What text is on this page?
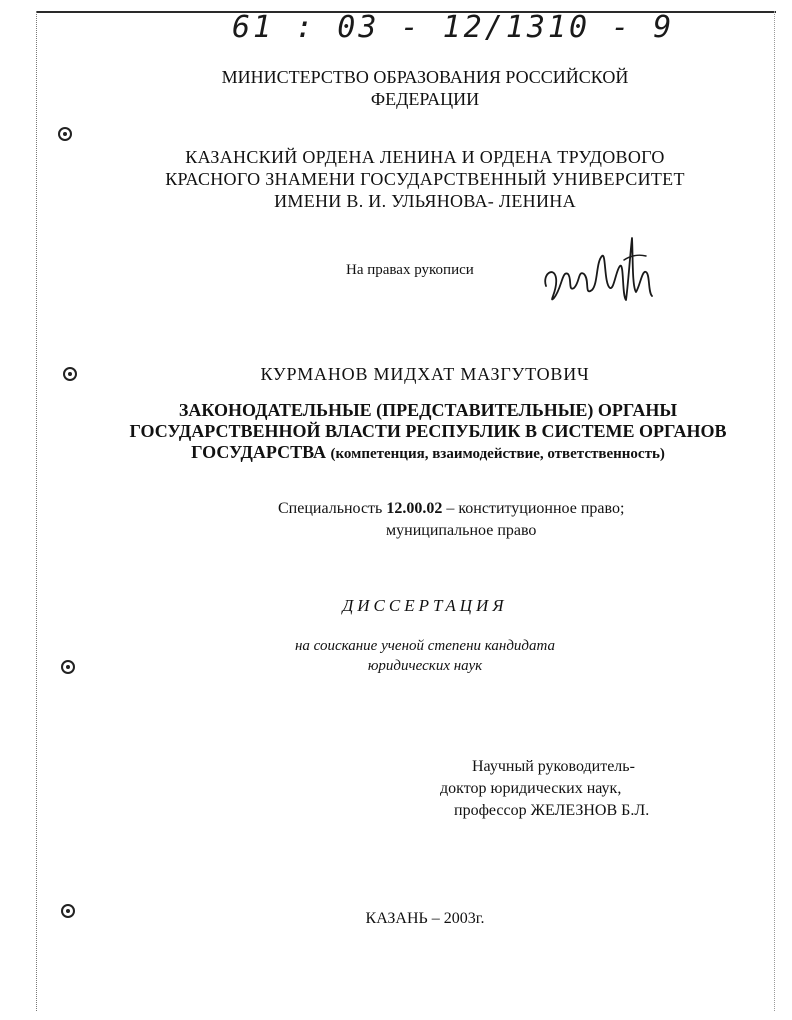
61 : 03 - 12/1310 - 9
МИНИСТЕРСТВО ОБРАЗОВАНИЯ РОССИЙСКОЙ
ФЕДЕРАЦИИ
КАЗАНСКИЙ ОРДЕНА ЛЕНИНА И ОРДЕНА ТРУДОВОГО
КРАСНОГО ЗНАМЕНИ ГОСУДАРСТВЕННЫЙ УНИВЕРСИТЕТ
ИМЕНИ В. И. УЛЬЯНОВА- ЛЕНИНА
На правах рукописи
КУРМАНОВ МИДХАТ МАЗГУТОВИЧ
ЗАКОНОДАТЕЛЬНЫЕ (ПРЕДСТАВИТЕЛЬНЫЕ) ОРГАНЫ
ГОСУДАРСТВЕННОЙ ВЛАСТИ РЕСПУБЛИК В СИСТЕМЕ ОРГАНОВ
ГОСУДАРСТВА (компетенция, взаимодействие, ответственность)
Специальность 12.00.02 – конституционное право;
муниципальное право
ДИССЕРТАЦИЯ
на соискание ученой степени кандидата
юридических наук
Научный руководитель-
доктор юридических наук,
профессор ЖЕЛЕЗНОВ Б.Л.
КАЗАНЬ – 2003г.
